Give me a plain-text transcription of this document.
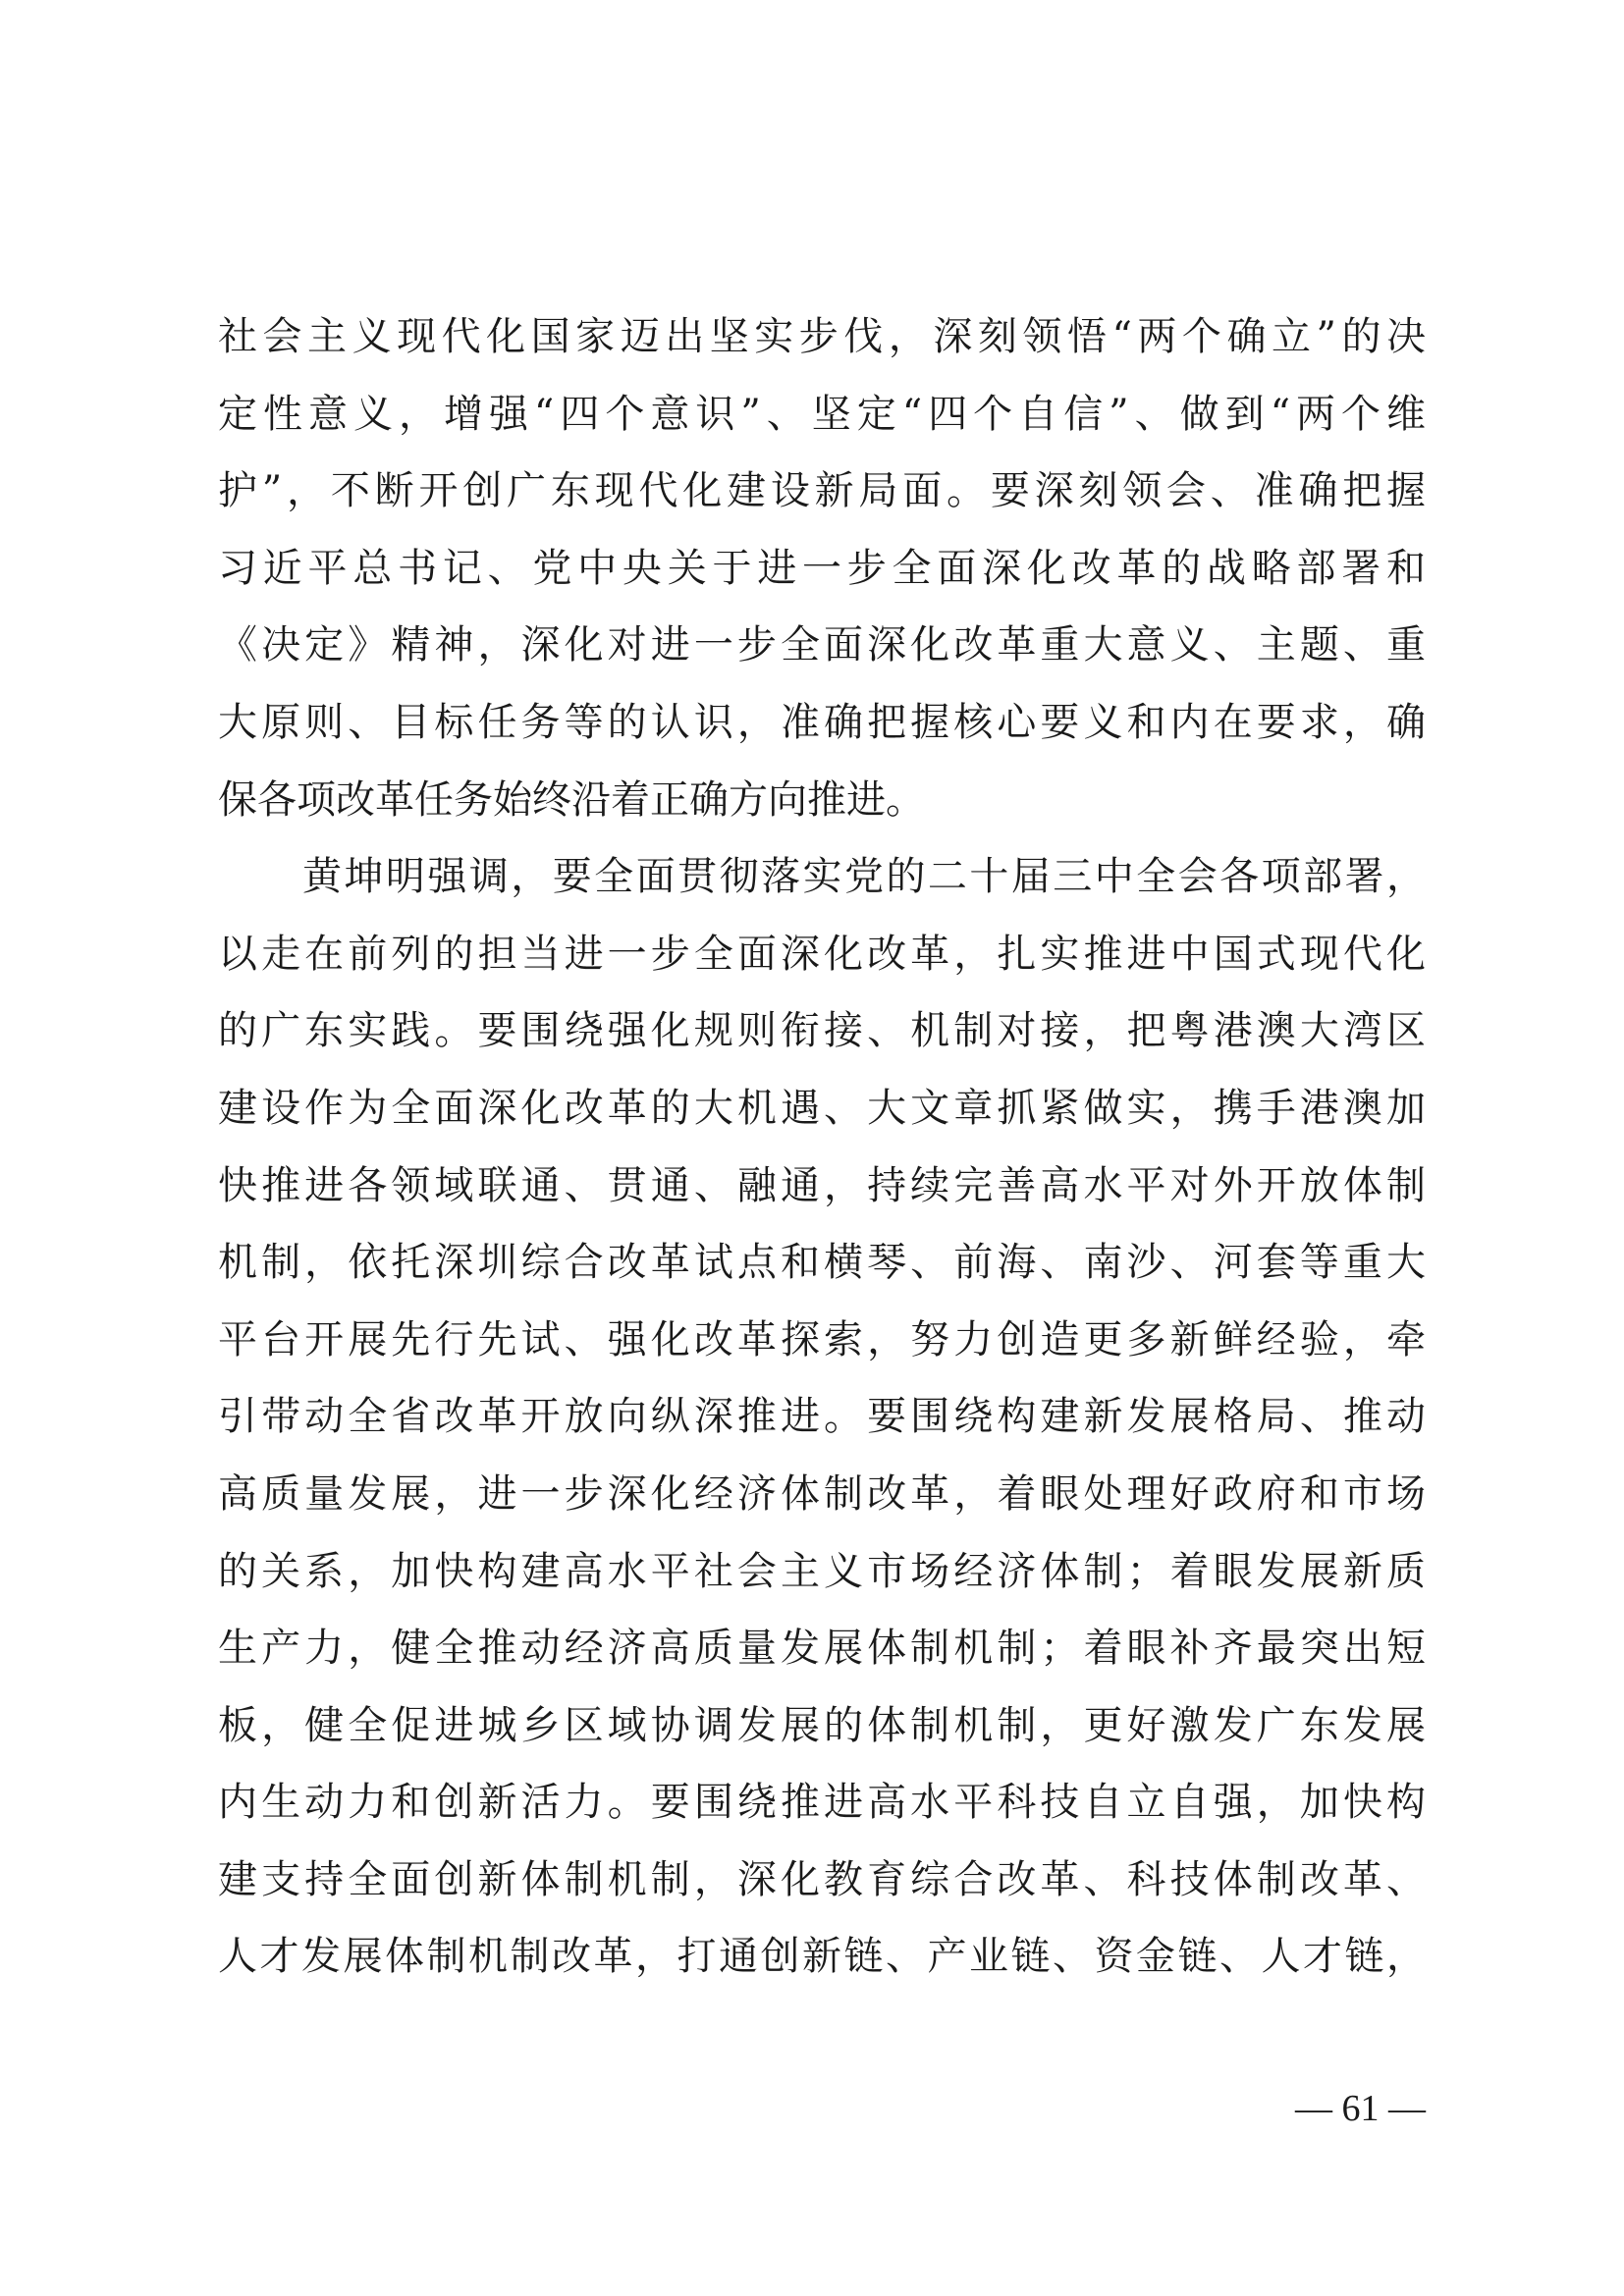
社会主义现代化国家迈出坚实步伐，深刻领悟“两个确立”的决
定性意义，增强“四个意识”、坚定“四个自信”、做到“两个维
护”，不断开创广东现代化建设新局面。要深刻领会、准确把握
习近平总书记、党中央关于进一步全面深化改革的战略部署和
《决定》精神，深化对进一步全面深化改革重大意义、主题、重
大原则、目标任务等的认识，准确把握核心要义和内在要求，确
保各项改革任务始终沿着正确方向推进。
黄坤明强调，要全面贯彻落实党的二十届三中全会各项部署，
以走在前列的担当进一步全面深化改革，扎实推进中国式现代化
的广东实践。要围绕强化规则衔接、机制对接，把粤港澳大湾区
建设作为全面深化改革的大机遇、大文章抓紧做实，携手港澳加
快推进各领域联通、贯通、融通，持续完善高水平对外开放体制
机制，依托深圳综合改革试点和横琴、前海、南沙、河套等重大
平台开展先行先试、强化改革探索，努力创造更多新鲜经验，牵
引带动全省改革开放向纵深推进。要围绕构建新发展格局、推动
高质量发展，进一步深化经济体制改革，着眼处理好政府和市场
的关系，加快构建高水平社会主义市场经济体制；着眼发展新质
生产力，健全推动经济高质量发展体制机制；着眼补齐最突出短
板，健全促进城乡区域协调发展的体制机制，更好激发广东发展
内生动力和创新活力。要围绕推进高水平科技自立自强，加快构
建支持全面创新体制机制，深化教育综合改革、科技体制改革、
人才发展体制机制改革，打通创新链、产业链、资金链、人才链，
— 61 —
